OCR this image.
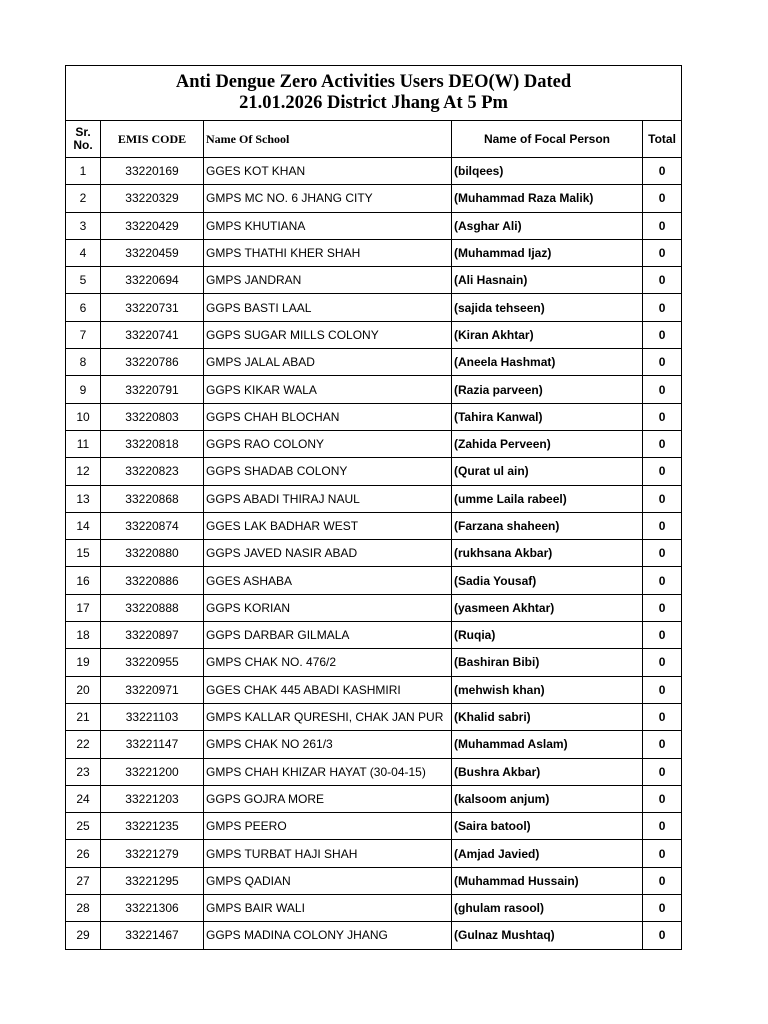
Anti Dengue Zero Activities Users DEO(W) Dated
21.01.2026 District Jhang At 5 Pm				

Sr.
No.	EMIS CODE	Name Of School	Name of Focal Person	Total
1	33220169	GGES KOT KHAN	(bilqees)	0
2	33220329	GMPS MC NO. 6 JHANG CITY	(Muhammad Raza Malik)	0
3	33220429	GMPS KHUTIANA	(Asghar Ali)	0
4	33220459	GMPS THATHI KHER SHAH	(Muhammad Ijaz)	0
5	33220694	GMPS JANDRAN	(Ali Hasnain)	0
6	33220731	GGPS BASTI LAAL	(sajida tehseen)	0
7	33220741	GGPS SUGAR MILLS COLONY	(Kiran Akhtar)	0
8	33220786	GMPS JALAL ABAD	(Aneela Hashmat)	0
9	33220791	GGPS KIKAR WALA	(Razia parveen)	0
10	33220803	GGPS CHAH BLOCHAN	(Tahira Kanwal)	0
11	33220818	GGPS RAO COLONY	(Zahida Perveen)	0
12	33220823	GGPS SHADAB COLONY	(Qurat ul ain)	0
13	33220868	GGPS ABADI THIRAJ NAUL	(umme Laila rabeel)	0
14	33220874	GGES LAK BADHAR WEST	(Farzana shaheen)	0
15	33220880	GGPS JAVED NASIR ABAD	(rukhsana Akbar)	0
16	33220886	GGES ASHABA	(Sadia Yousaf)	0
17	33220888	GGPS KORIAN	(yasmeen Akhtar)	0
18	33220897	GGPS DARBAR GILMALA	(Ruqia)	0
19	33220955	GMPS CHAK NO. 476/2	(Bashiran Bibi)	0
20	33220971	GGES CHAK 445 ABADI KASHMIRI	(mehwish khan)	0
21	33221103	GMPS KALLAR QURESHI, CHAK JAN PUR	(Khalid sabri)	0
22	33221147	GMPS CHAK NO 261/3	(Muhammad Aslam)	0
23	33221200	GMPS CHAH KHIZAR HAYAT (30-04-15)	(Bushra Akbar)	0
24	33221203	GGPS GOJRA MORE	(kalsoom anjum)	0
25	33221235	GMPS PEERO	(Saira batool)	0
26	33221279	GMPS TURBAT HAJI SHAH	(Amjad Javied)	0
27	33221295	GMPS QADIAN	(Muhammad Hussain)	0
28	33221306	GMPS BAIR WALI	(ghulam rasool)	0
29	33221467	GGPS MADINA COLONY JHANG	(Gulnaz Mushtaq)	0
